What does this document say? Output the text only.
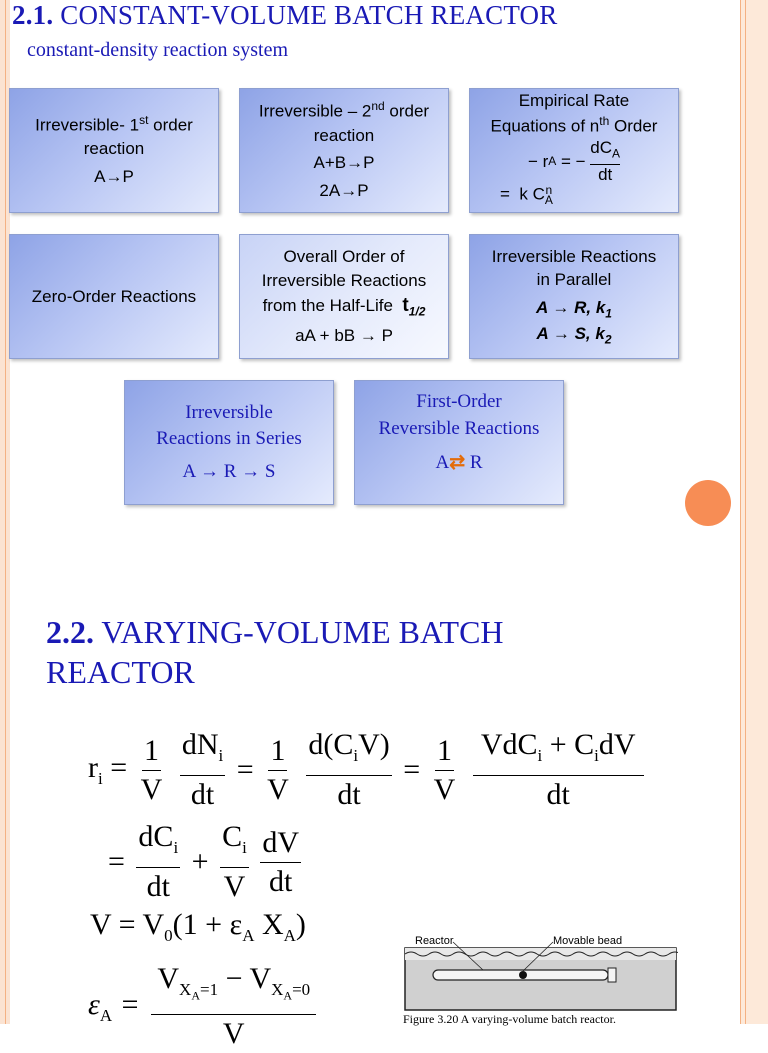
2.1. CONSTANT-VOLUME BATCH REACTOR
constant-density reaction system
Irreversible- 1st order
reaction
A→P
Irreversible – 2nd order
reaction
A+B→P
2A→P
Empirical Rate
Equations of $n^{th}$ Order
− r A = −
$dC_A$
dt
=  k C n
A
Zero-Order Reactions
Overall Order of
Irreversible Reactions
from the Half-Life $t_{1/2}$
aA + bB → P
Irreversible Reactions
in Parallel
A → R, $k_1$
A → S, $k_2$
Irreversible
Reactions in Series
A → R → S
First-Order
Reversible Reactions
A⇄ R
2.2. VARYING-VOLUME BATCH
REACTOR
$r_i = \frac{1}{V}$
$\frac{dN_i}{dt} = \frac{1}{V}$
$\frac{d(C_iV)}{dt} = \frac{1}{V}$
$\frac{VdC_i + C_idV}{dt}$
= $\frac{dC_i}{dt} + \frac{C_i}{V}$
$\frac{dV}{dt}$
$V = V_0(1 + \varepsilon_A$ $X_A$)
$\varepsilon_A = \frac{V_{X_A=1} - V_{X_A=0}}{V}$
Reactor	Movable bead
Figure 3.20 A varying-volume batch reactor.
